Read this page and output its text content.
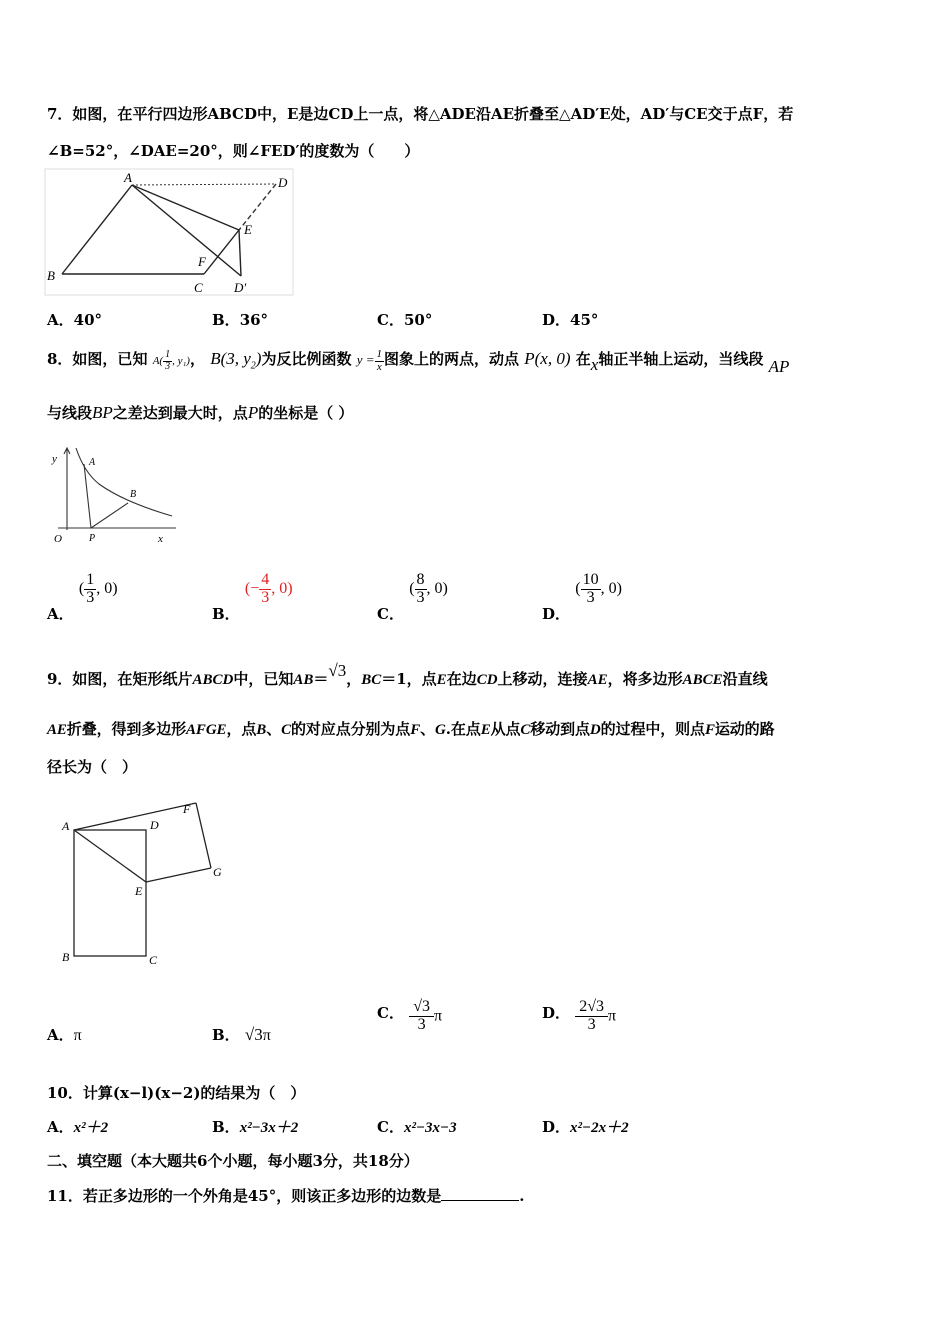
7．如图，在平行四边形ABCD中，E是边CD上一点，将△ADE沿AE折叠至△AD′E处，AD′与CE交于点F，若
∠B=52°，∠DAE=20°，则∠FED′的度数为（　　）
A	D
E
B
F
C D′
A．40°	B．36°	C．50°	D．45°
8．如图，已知 $A( \frac{1}{3}$ , y₁)， B(3, $y_2$)为反比例函数 $y = \frac{1}{x}$ 图象上的两点，动点 P(x, 0) 在x轴正半轴上运动，当线段 AP
与线段BP之差达到最大时，点P的坐标是（ ）
y	A
B
O	P	x
A． ( $\frac{1}{3}$ , 0)
B． (− $\frac{4}{3}$ , 0)
C． ( $\frac{8}{3}$ , 0)
D． ( $\frac{10}{3}$ , 0)
9．如图，在矩形纸片ABCD中，已知AB＝√3，BC＝1，点E在边CD上移动，连接AE，将多边形ABCE沿直线
AE折叠，得到多边形AFGE，点B、C的对应点分别为点F、G.在点E从点C移动到点D的过程中，则点F运动的路
径长为（　）
A	D
F
G
E
B	C
A．π	B． √3π
C． $\frac{√3}{3}$ π	D． $\frac{2√3}{3}$ π
10．计算(x−l)(x−2)的结果为（　）
A．x²＋2	B．x²−3x＋2	C．x²−3x−3	D．x²−2x＋2
二、填空题（本大题共6个小题，每小题3分，共18分）
11．若正多边形的一个外角是45°，则该正多边形的边数是	.
